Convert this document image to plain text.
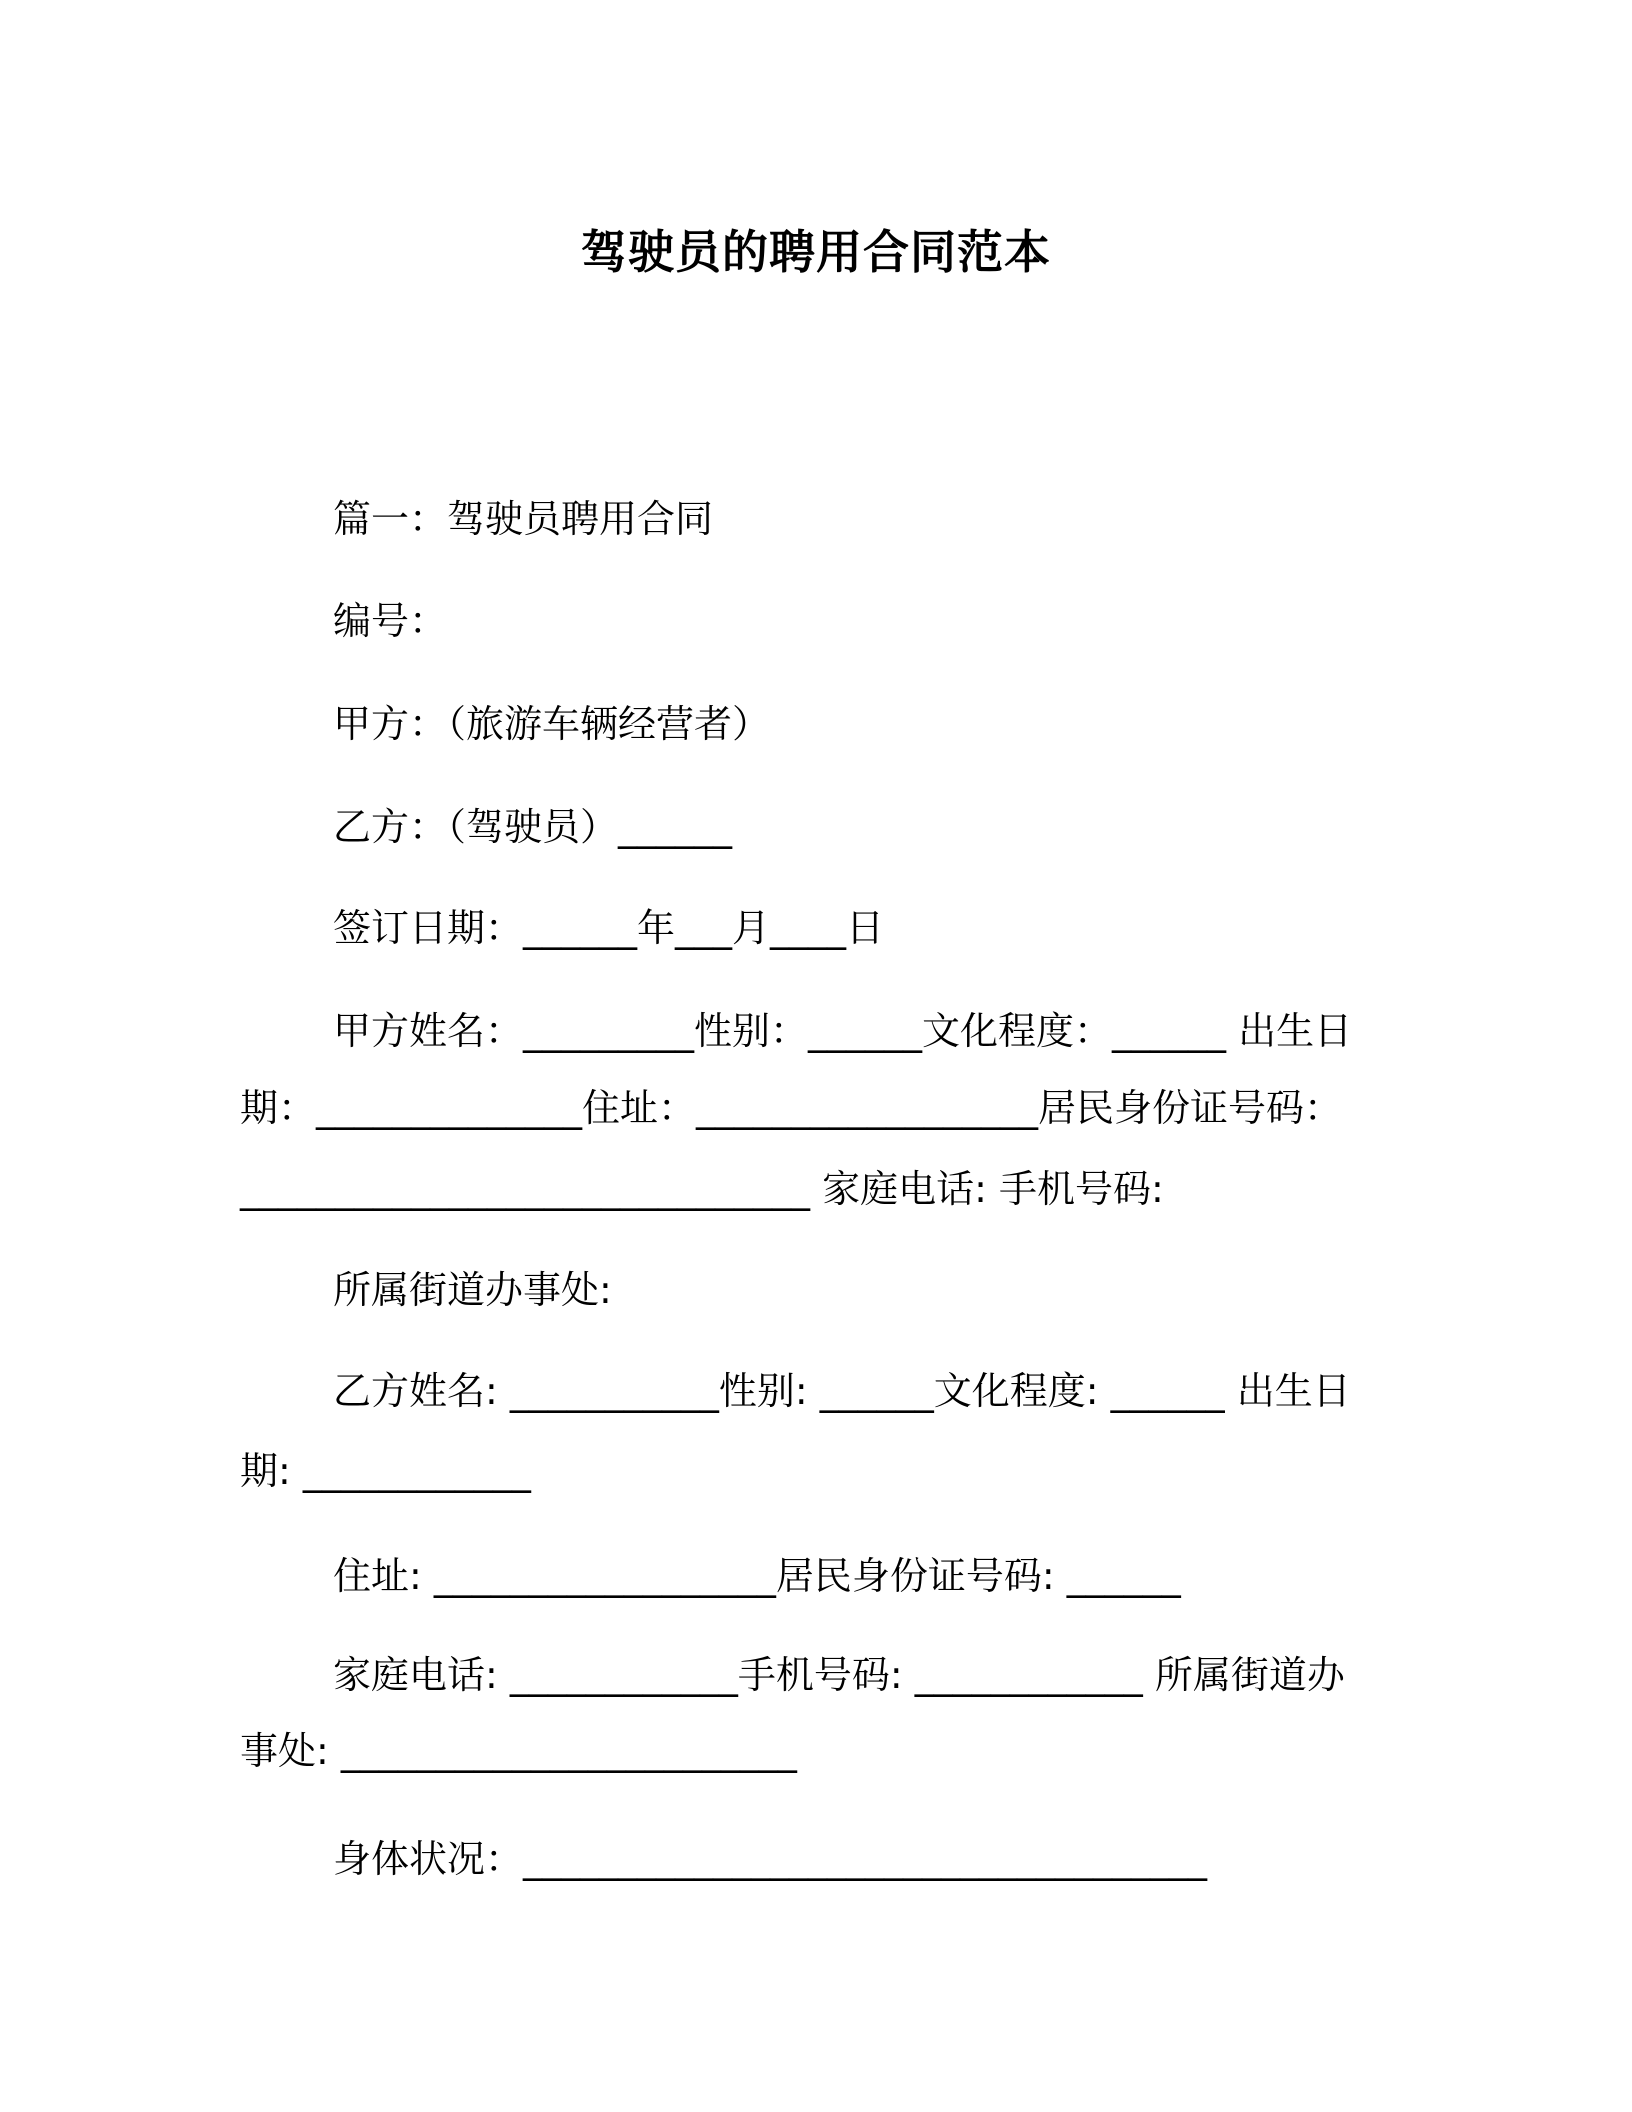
驾驶员的聘用合同范本
篇一：驾驶员聘用合同
编号：
甲方：（旅游车辆经营者）
乙方：（驾驶员）______
签订日期：______年___月____日
甲方姓名：_________性别：______文化程度：______ 出生日
期：______________住址：__________________居民身份证号码：
______________________________ 家庭电话: 手机号码:
所属街道办事处:
乙方姓名: ___________性别: ______文化程度: ______ 出生日
期: ____________
住址: __________________居民身份证号码: ______
家庭电话: ____________手机号码: ____________ 所属街道办
事处: ________________________
身体状况：____________________________________
